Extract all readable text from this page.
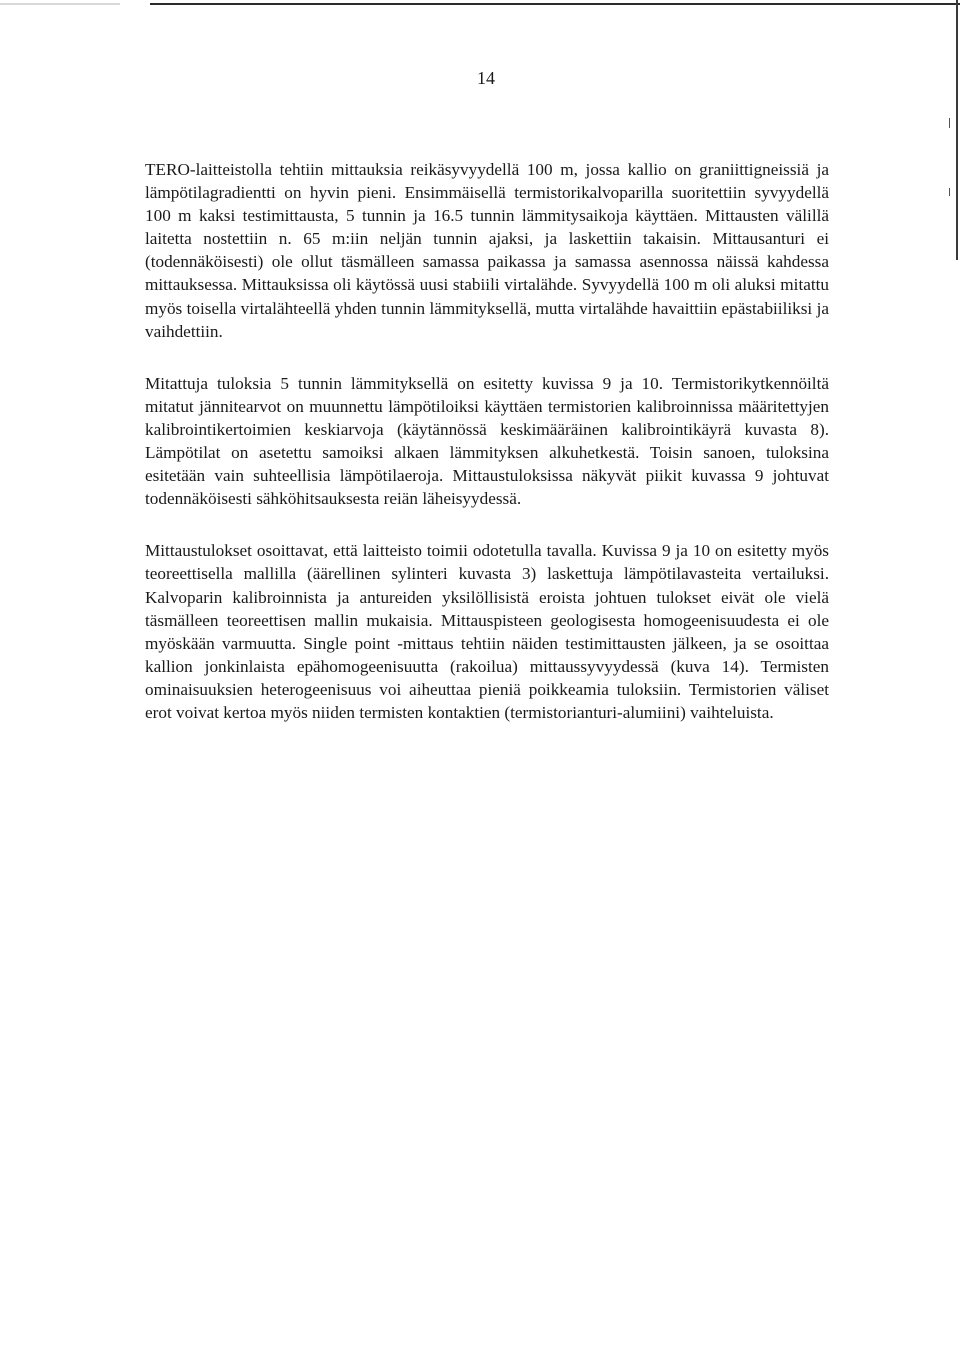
14

TERO-laitteistolla tehtiin mittauksia reikäsyvyydellä 100 m, jossa kallio on graniittigneissiä ja lämpötilagradientti on hyvin pieni. Ensimmäisellä termistorikalvoparilla suoritettiin syvyydellä 100 m kaksi testimittausta, 5 tunnin ja 16.5 tunnin lämmitysaikoja käyttäen. Mittausten välillä laitetta nostettiin n. 65 m:iin neljän tunnin ajaksi, ja laskettiin takaisin. Mittausanturi ei (todennäköisesti) ole ollut täsmälleen samassa paikassa ja samassa asennossa näissä kahdessa mittauksessa. Mittauksissa oli käytössä uusi stabiili virtalähde. Syvyydellä 100 m oli aluksi mitattu myös toisella virtalähteellä yhden tunnin lämmityksellä, mutta virtalähde havaittiin epästabiiliksi ja vaihdettiin.

Mitattuja tuloksia 5 tunnin lämmityksellä on esitetty kuvissa 9 ja 10. Termistorikytkennöiltä mitatut jännitearvot on muunnettu lämpötiloiksi käyttäen termistorien kalibroinnissa määritettyjen kalibrointikertoimien keskiarvoja (käytännössä keskimääräinen kalibrointikäyrä kuvasta 8). Lämpötilat on asetettu samoiksi alkaen lämmityksen alkuhetkestä. Toisin sanoen, tuloksina esitetään vain suhteellisia lämpötilaeroja. Mittaustuloksissa näkyvät piikit kuvassa 9 johtuvat todennäköisesti sähköhitsauksesta reiän läheisyydessä.

Mittaustulokset osoittavat, että laitteisto toimii odotetulla tavalla. Kuvissa 9 ja 10 on esitetty myös teoreettisella mallilla (äärellinen sylinteri kuvasta 3) laskettuja lämpötilavasteita vertailuksi. Kalvoparin kalibroinnista ja antureiden yksilöllisistä eroista johtuen tulokset eivät ole vielä täsmälleen teoreettisen mallin mukaisia. Mittauspisteen geologisesta homogeenisuudesta ei ole myöskään varmuutta. Single point -mittaus tehtiin näiden testimittausten jälkeen, ja se osoittaa kallion jonkinlaista epähomogeenisuutta (rakoilua) mittaussyvyydessä (kuva 14). Termisten ominaisuuksien heterogeenisuus voi aiheuttaa pieniä poikkeamia tuloksiin. Termistorien väliset erot voivat kertoa myös niiden termisten kontaktien (termistorianturi-alumiini) vaihteluista.
